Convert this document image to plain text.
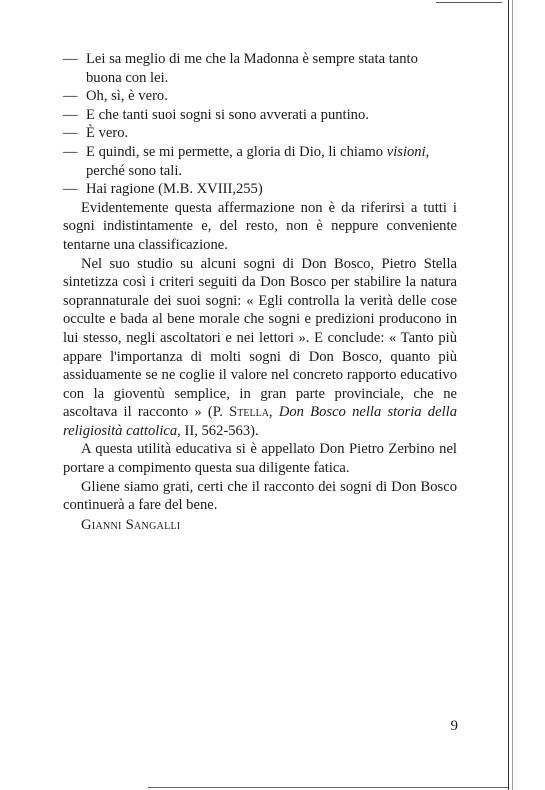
— Lei sa meglio di me che la Madonna è sempre stata tanto buona con lei.
— Oh, sì, è vero.
— E che tanti suoi sogni si sono avverati a puntino.
— È vero.
— E quindi, se mi permette, a gloria di Dio, li chiamo visioni, perché sono tali.
— Hai ragione (M.B. XVIII,255)

Evidentemente questa affermazione non è da riferirsi a tutti i sogni indistintamente e, del resto, non è neppure conveniente tentarne una classificazione.

Nel suo studio su alcuni sogni di Don Bosco, Pietro Stella sintetizza così i criteri seguiti da Don Bosco per stabilire la natura soprannaturale dei suoi sogni: « Egli controlla la verità delle cose occulte e bada al bene morale che sogni e predizioni producono in lui stesso, negli ascoltatori e nei lettori ». E conclude: « Tanto più appare l'importanza di molti sogni di Don Bosco, quanto più assiduamente se ne coglie il valore nel concreto rapporto educativo con la gioventù semplice, in gran parte provinciale, che ne ascoltava il racconto » (P. Stella, Don Bosco nella storia della religiosità cattolica, II, 562-563).

A questa utilità educativa si è appellato Don Pietro Zerbino nel portare a compimento questa sua diligente fatica.

Gliene siamo grati, certi che il racconto dei sogni di Don Bosco continuerà a fare del bene.

Gianni Sangalli

9
